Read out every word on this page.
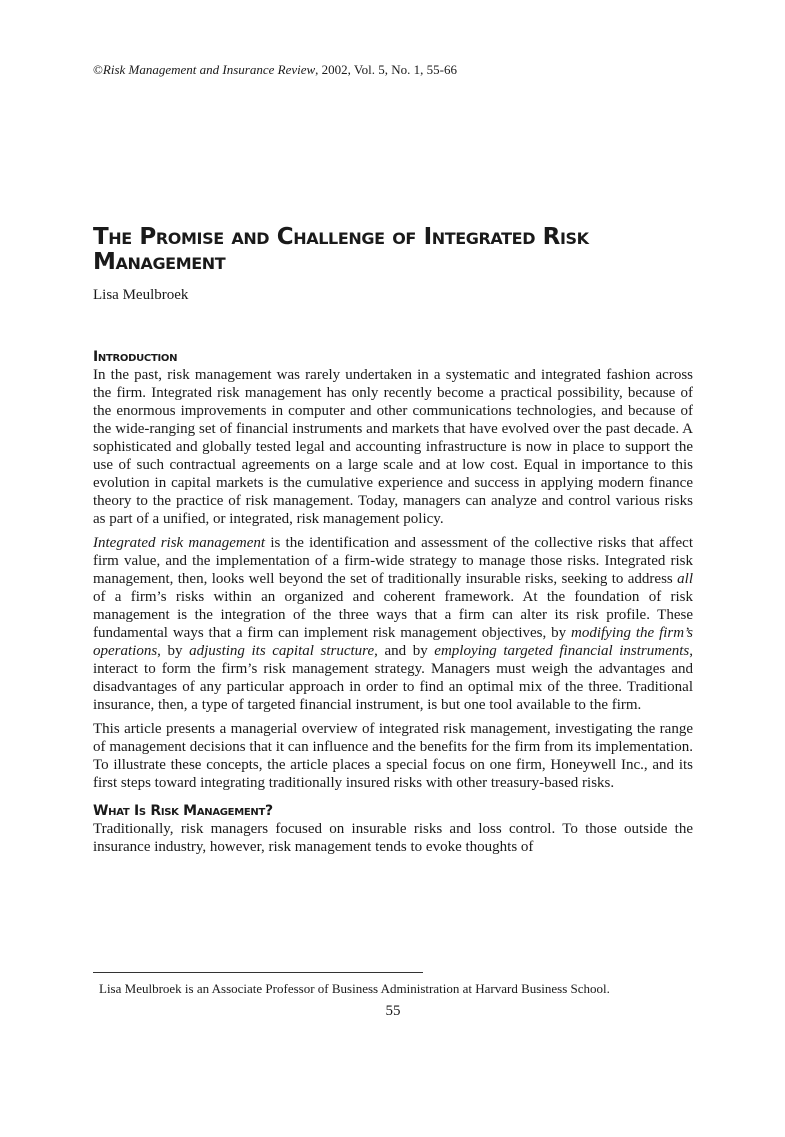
©Risk Management and Insurance Review, 2002, Vol. 5, No. 1, 55-66
The Promise and Challenge of Integrated Risk Management
Lisa Meulbroek
Introduction

In the past, risk management was rarely undertaken in a systematic and integrated fashion across the firm. Integrated risk management has only recently become a practical possibility, because of the enormous improvements in computer and other communications technologies, and because of the wide-ranging set of financial instruments and markets that have evolved over the past decade. A sophisticated and globally tested legal and accounting infrastructure is now in place to support the use of such contractual agreements on a large scale and at low cost. Equal in importance to this evolution in capital markets is the cumulative experience and success in applying modern finance theory to the practice of risk management. Today, managers can analyze and control various risks as part of a unified, or integrated, risk management policy.

Integrated risk management is the identification and assessment of the collective risks that affect firm value, and the implementation of a firm-wide strategy to manage those risks. Integrated risk management, then, looks well beyond the set of traditionally insurable risks, seeking to address all of a firm’s risks within an organized and coherent framework. At the foundation of risk management is the integration of the three ways that a firm can alter its risk profile. These fundamental ways that a firm can implement risk management objectives, by modifying the firm’s operations, by adjusting its capital structure, and by employing targeted financial instruments, interact to form the firm’s risk management strategy. Managers must weigh the advantages and disadvantages of any particular approach in order to find an optimal mix of the three. Traditional insurance, then, a type of targeted financial instrument, is but one tool available to the firm.

This article presents a managerial overview of integrated risk management, investigating the range of management decisions that it can influence and the benefits for the firm from its implementation. To illustrate these concepts, the article places a special focus on one firm, Honeywell Inc., and its first steps toward integrating traditionally insured risks with other treasury-based risks.

What Is Risk Management?

Traditionally, risk managers focused on insurable risks and loss control. To those outside the insurance industry, however, risk management tends to evoke thoughts of

Lisa Meulbroek is an Associate Professor of Business Administration at Harvard Business School.
55
